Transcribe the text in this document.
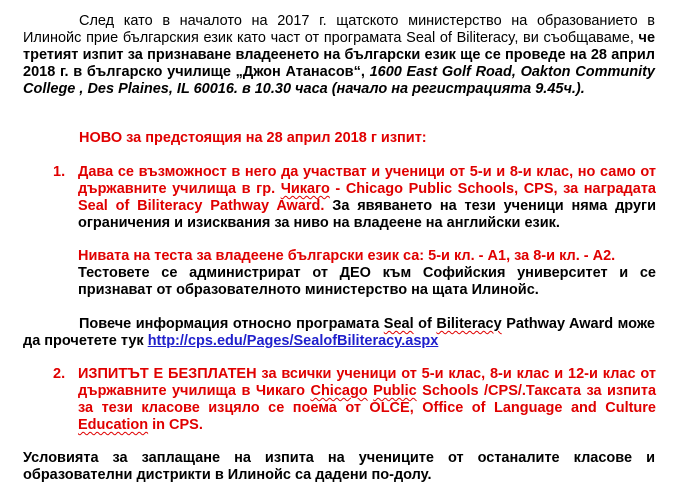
След като в началото на 2017 г. щатското министерство на образованието в Илинойс прие българския език като част от програмата Seal of Biliteracy, ви съобщаваме, че третият изпит за признаване владеенето на български език ще се проведе на 28 април 2018 г. в българско училище „Джон Атанасов“, 1600 East Golf Road, Oakton Community College , Des Plaines, IL 60016. в 10.30 часа (начало на регистрацията 9.45ч.).

НОВО за предстоящия на 28 април 2018 г изпит:

1. Дава се възможност в него да участват и ученици от 5-и и 8-и клас, но само от държавните училища в гр. Чикаго - Chicago Public Schools, CPS, за наградата Seal of Biliteracy Pathway Award. За явяването на тези ученици няма други ограничения и изисквания за ниво на владеене на английски език.

Нивата на теста за владеене български език са: 5-и кл. - А1, за 8-и кл. - А2.

Тестовете се администрират от ДЕО към Софийския университет и се признават от образователното министерство на щата Илинойс.

Повече информация относно програмата Seal of Biliteracy Pathway Award може да прочетете тук http://cps.edu/Pages/SealofBiliteracy.aspx

2. ИЗПИТЪТ Е БЕЗПЛАТЕН за всички ученици от 5-и клас, 8-и клас и 12-и клас от държавните училища в Чикаго Chicago Public Schools /CPS/.Таксата за изпита за тези класове изцяло се поема от OLCE, Office of Language and Culture Education in CPS.

Условията за заплащане на изпита на учениците от останалите класове и образователни дистрикти в Илинойс са дадени по-долу.
